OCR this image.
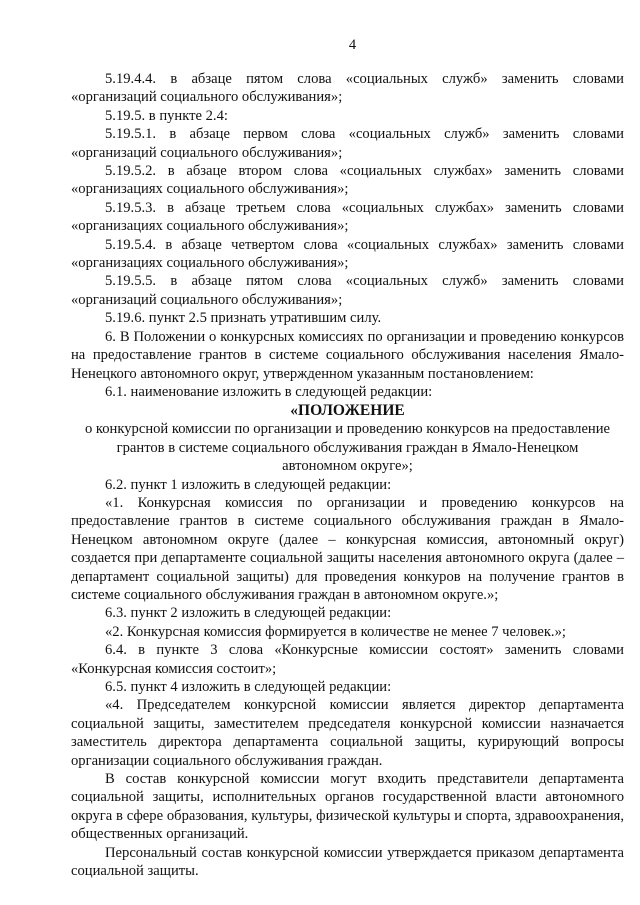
4

5.19.4.4. в абзаце пятом слова «социальных служб» заменить словами «организаций социального обслуживания»;

5.19.5. в пункте 2.4:

5.19.5.1. в абзаце первом слова «социальных служб» заменить словами «организаций социального обслуживания»;

5.19.5.2. в абзаце втором слова «социальных службах» заменить словами «организациях социального обслуживания»;

5.19.5.3. в абзаце третьем слова «социальных службах» заменить словами «организациях социального обслуживания»;

5.19.5.4. в абзаце четвертом слова «социальных службах» заменить словами «организациях социального обслуживания»;

5.19.5.5. в абзаце пятом слова «социальных служб» заменить словами «организаций социального обслуживания»;

5.19.6. пункт 2.5 признать утратившим силу.

6. В Положении о конкурсных комиссиях по организации и проведению конкурсов на предоставление грантов в системе социального обслуживания населения Ямало-Ненецкого автономного округ, утвержденном указанным постановлением:

6.1. наименование изложить в следующей редакции:

«ПОЛОЖЕНИЕ

о конкурсной комиссии по организации и проведению конкурсов на предоставление

грантов в системе социального обслуживания граждан в Ямало-Ненецком

автономном округе»;

6.2. пункт 1 изложить в следующей редакции:

«1. Конкурсная комиссия по организации и проведению конкурсов на предоставление грантов в системе социального обслуживания граждан в Ямало-Ненецком автономном округе (далее – конкурсная комиссия, автономный округ) создается при департаменте социальной защиты населения автономного округа (далее – департамент социальной защиты) для проведения конкуров на получение грантов в системе социального обслуживания граждан в автономном округе.»;

6.3. пункт 2 изложить в следующей редакции:

«2. Конкурсная комиссия формируется в количестве не менее 7 человек.»;

6.4. в пункте 3 слова «Конкурсные комиссии состоят» заменить словами «Конкурсная комиссия состоит»;

6.5. пункт 4 изложить в следующей редакции:

«4. Председателем конкурсной комиссии является директор департамента социальной защиты, заместителем председателя конкурсной комиссии назначается заместитель директора департамента социальной защиты, курирующий вопросы организации социального обслуживания граждан.

В состав конкурсной комиссии могут входить представители департамента социальной защиты, исполнительных органов государственной власти автономного округа в сфере образования, культуры, физической культуры и спорта, здравоохранения, общественных организаций.

Персональный состав конкурсной комиссии утверждается приказом департамента социальной защиты.
